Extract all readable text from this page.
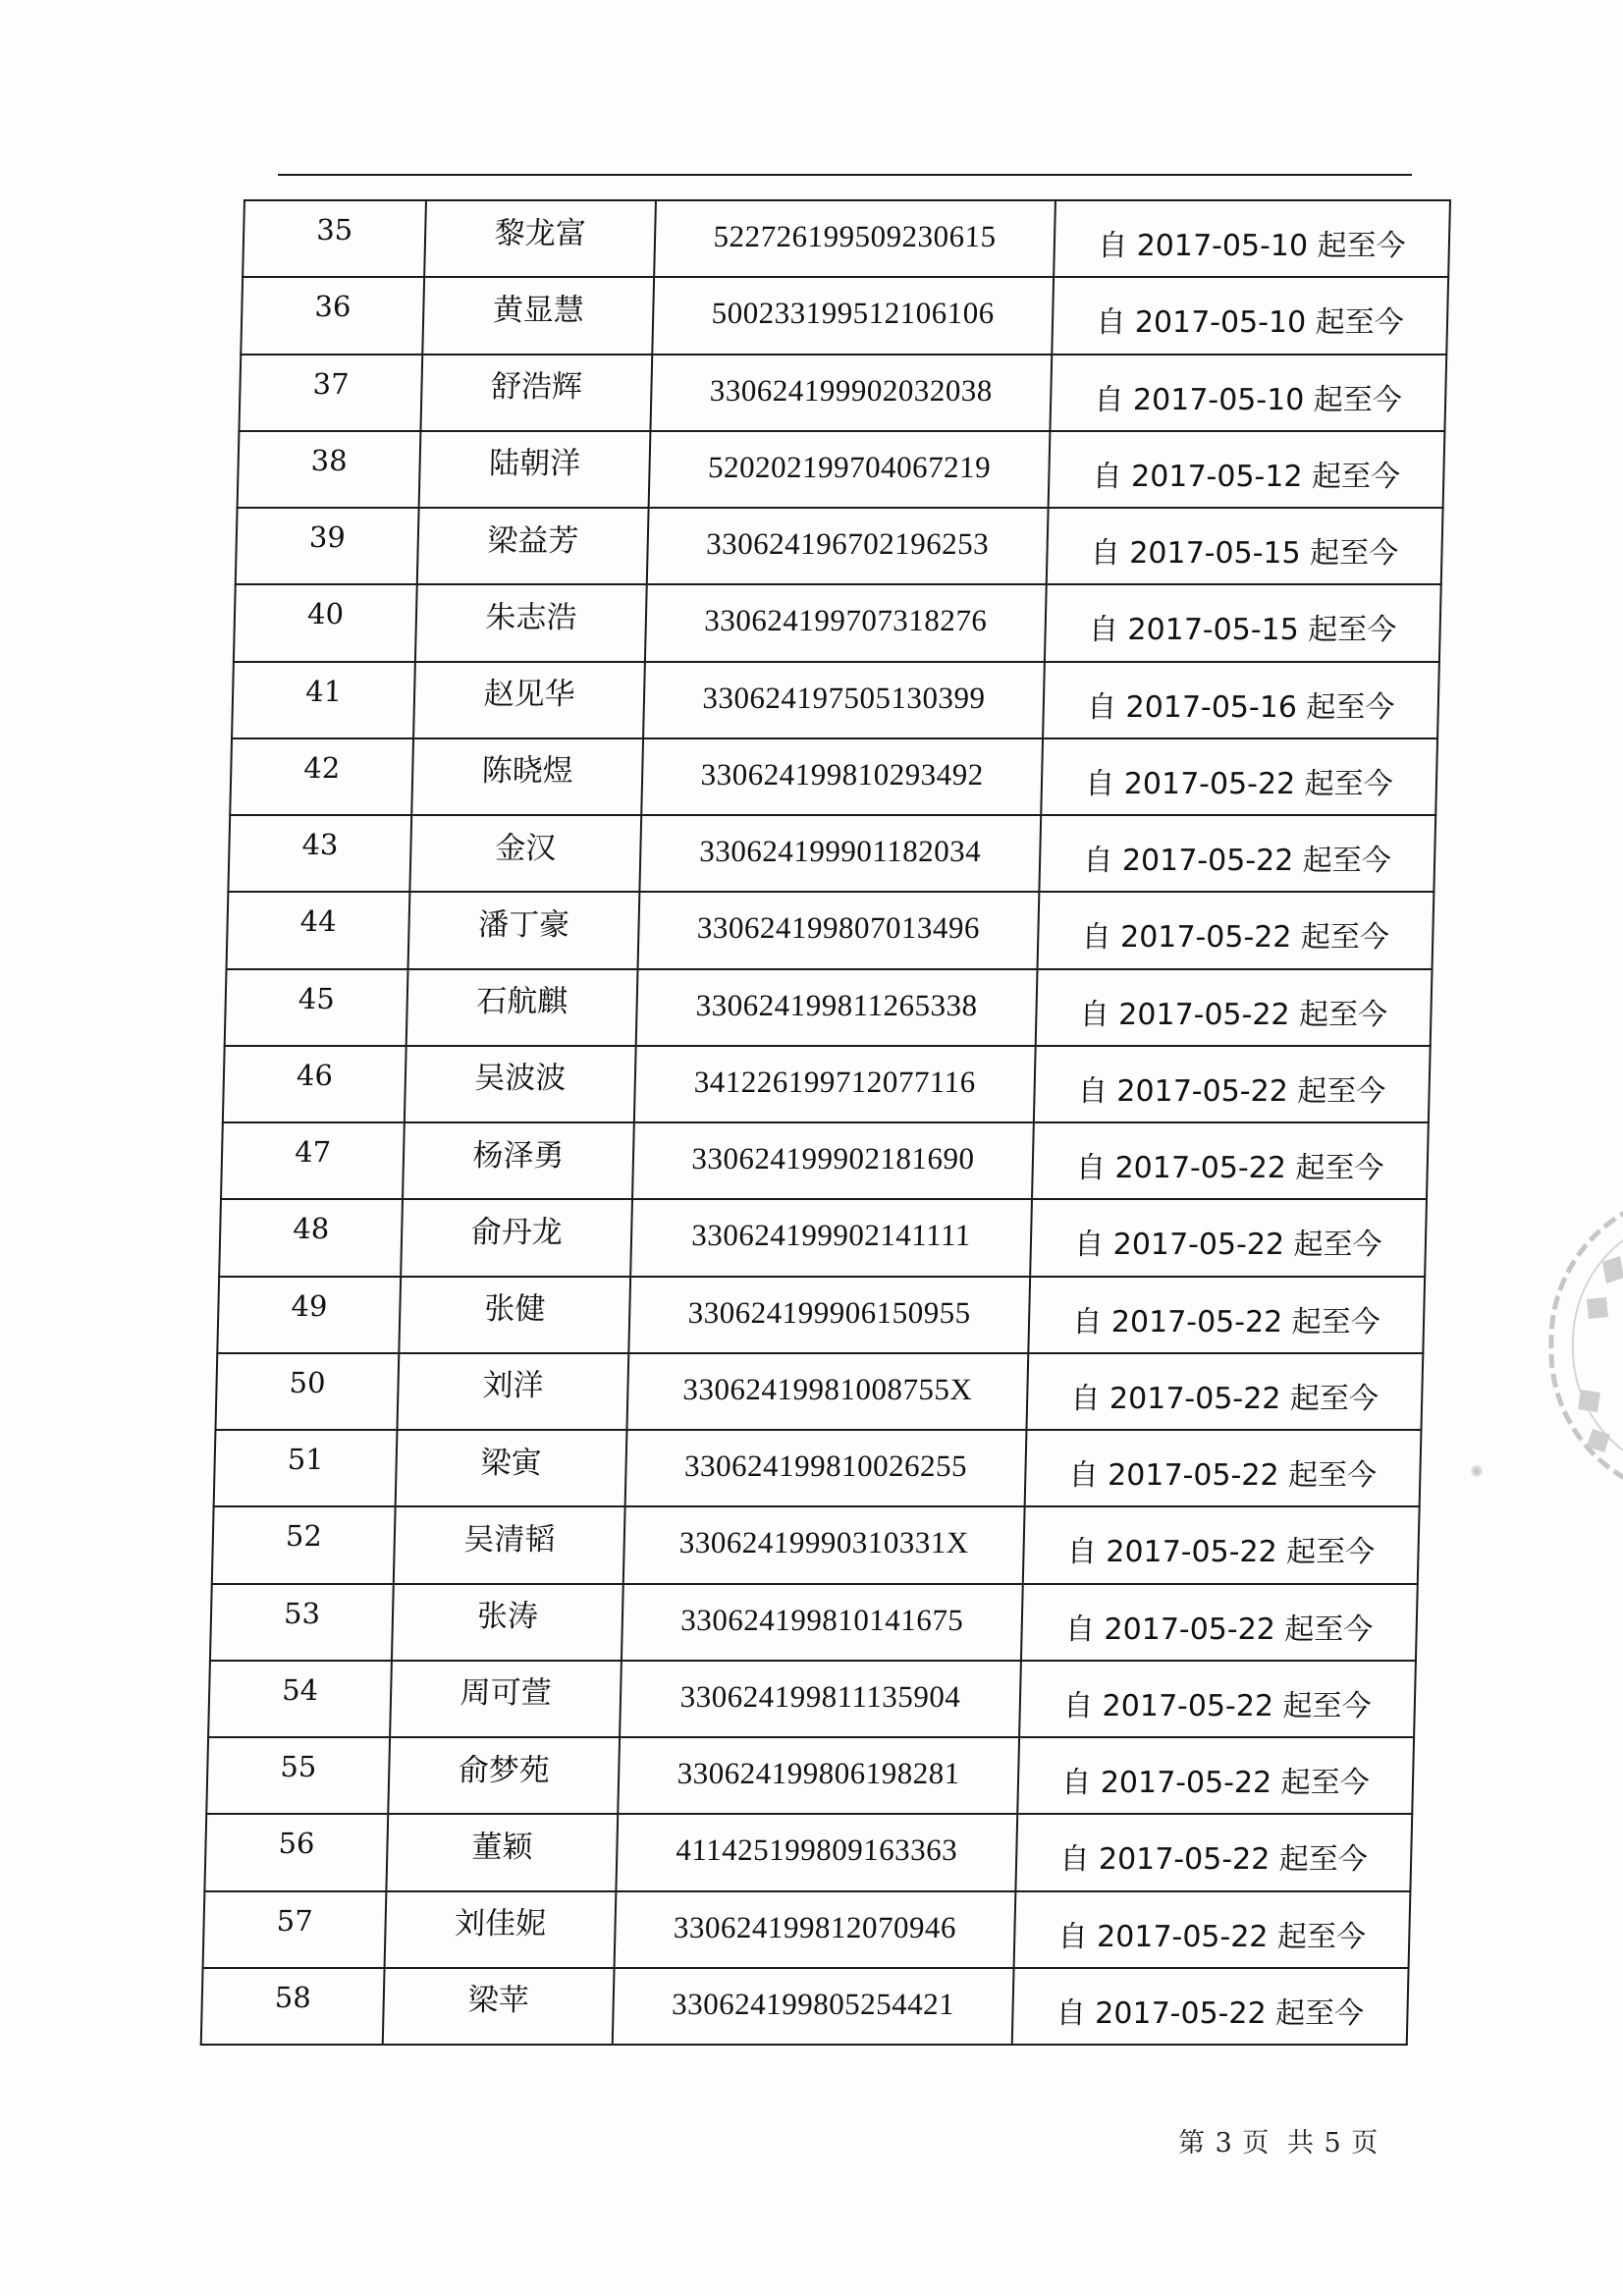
35	黎龙富	522726199509230615	自 2017-05-10 起至今
36	黄显慧	500233199512106106	自 2017-05-10 起至今
37	舒浩辉	330624199902032038	自 2017-05-10 起至今
38	陆朝洋	520202199704067219	自 2017-05-12 起至今
39	梁益芳	330624196702196253	自 2017-05-15 起至今
40	朱志浩	330624199707318276	自 2017-05-15 起至今
41	赵见华	330624197505130399	自 2017-05-16 起至今
42	陈晓煜	330624199810293492	自 2017-05-22 起至今
43	金汉	330624199901182034	自 2017-05-22 起至今
44	潘丁豪	330624199807013496	自 2017-05-22 起至今
45	石航麒	330624199811265338	自 2017-05-22 起至今
46	吴波波	341226199712077116	自 2017-05-22 起至今
47	杨泽勇	330624199902181690	自 2017-05-22 起至今
48	俞丹龙	330624199902141111	自 2017-05-22 起至今
49	张健	330624199906150955	自 2017-05-22 起至今
50	刘洋	33062419981008755X	自 2017-05-22 起至今
51	梁寅	330624199810026255	自 2017-05-22 起至今
52	吴清韬	33062419990310331X	自 2017-05-22 起至今
53	张涛	330624199810141675	自 2017-05-22 起至今
54	周可萱	330624199811135904	自 2017-05-22 起至今
55	俞梦苑	330624199806198281	自 2017-05-22 起至今
56	董颖	411425199809163363	自 2017-05-22 起至今
57	刘佳妮	330624199812070946	自 2017-05-22 起至今
58	梁苹	330624199805254421	自 2017-05-22 起至今
第 3 页 共 5 页
